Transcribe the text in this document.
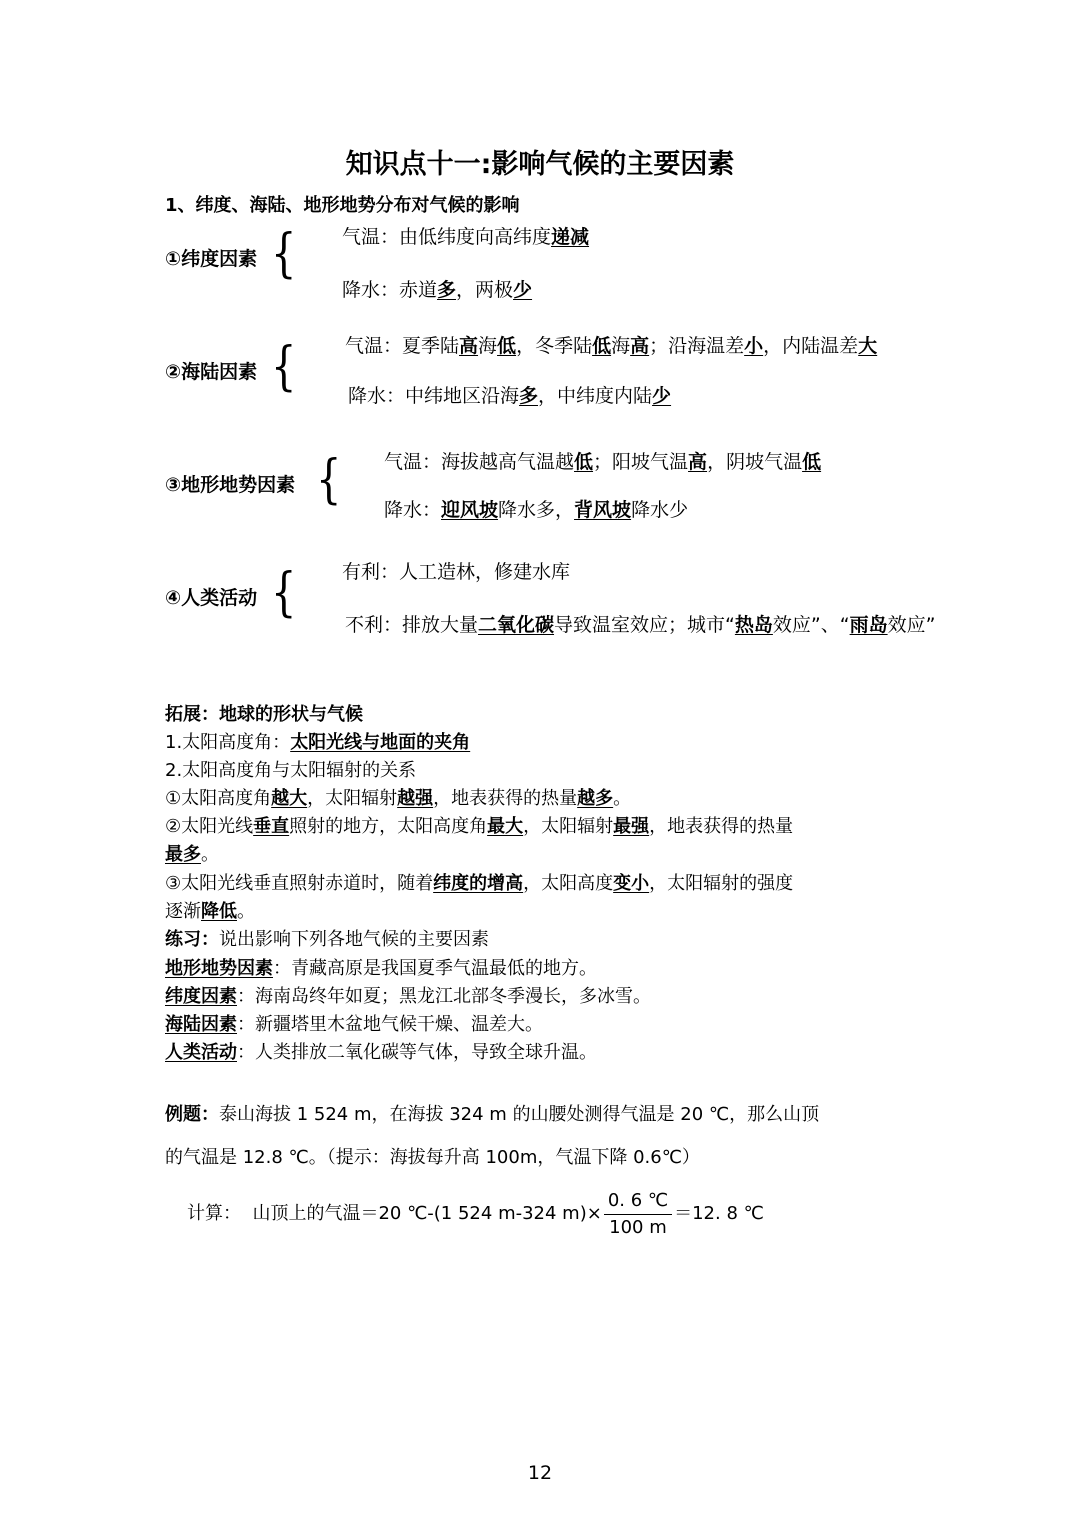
知识点十一:影响气候的主要因素
1、纬度、海陆、地形地势分布对气候的影响
①纬度因素 { 气温：由低纬度向高纬度递减
降水：赤道多，两极少
②海陆因素 {	气温：夏季陆高海低，冬季陆低海高；沿海温差小，内陆温差大
降水：中纬地区沿海多，中纬度内陆少
③地形地势因素 { 气温：海拔越高气温越低；阳坡气温高，阴坡气温低
降水：迎风坡降水多，背风坡降水少
④人类活动 { 有利：人工造林，修建水库
不利：排放大量二氧化碳导致温室效应；城市“热岛效应”、“雨岛效应”
拓展：地球的形状与气候
1.太阳高度角：太阳光线与地面的夹角
2.太阳高度角与太阳辐射的关系
①太阳高度角越大，太阳辐射越强，地表获得的热量越多。
②太阳光线垂直照射的地方，太阳高度角最大，太阳辐射最强，地表获得的热量
最多。
③太阳光线垂直照射赤道时，随着纬度的增高，太阳高度变小，太阳辐射的强度
逐渐降低。
练习：说出影响下列各地气候的主要因素
地形地势因素：青藏高原是我国夏季气温最低的地方。
纬度因素：海南岛终年如夏；黑龙江北部冬季漫长，多冰雪。
海陆因素：新疆塔里木盆地气候干燥、温差大。
人类活动：人类排放二氧化碳等气体，导致全球升温。
例题：泰山海拔 1 524 m，在海拔 324 m 的山腰处测得气温是 20 ℃，那么山顶
的气温是 12.8 ℃。（提示：海拔每升高 100m，气温下降 0.6℃）
计算： 山顶上的气温＝20 ℃-(1 524 m-324 $m)\times \frac{0. 6 ℃}{100 m} =12$. 8 ℃
12
